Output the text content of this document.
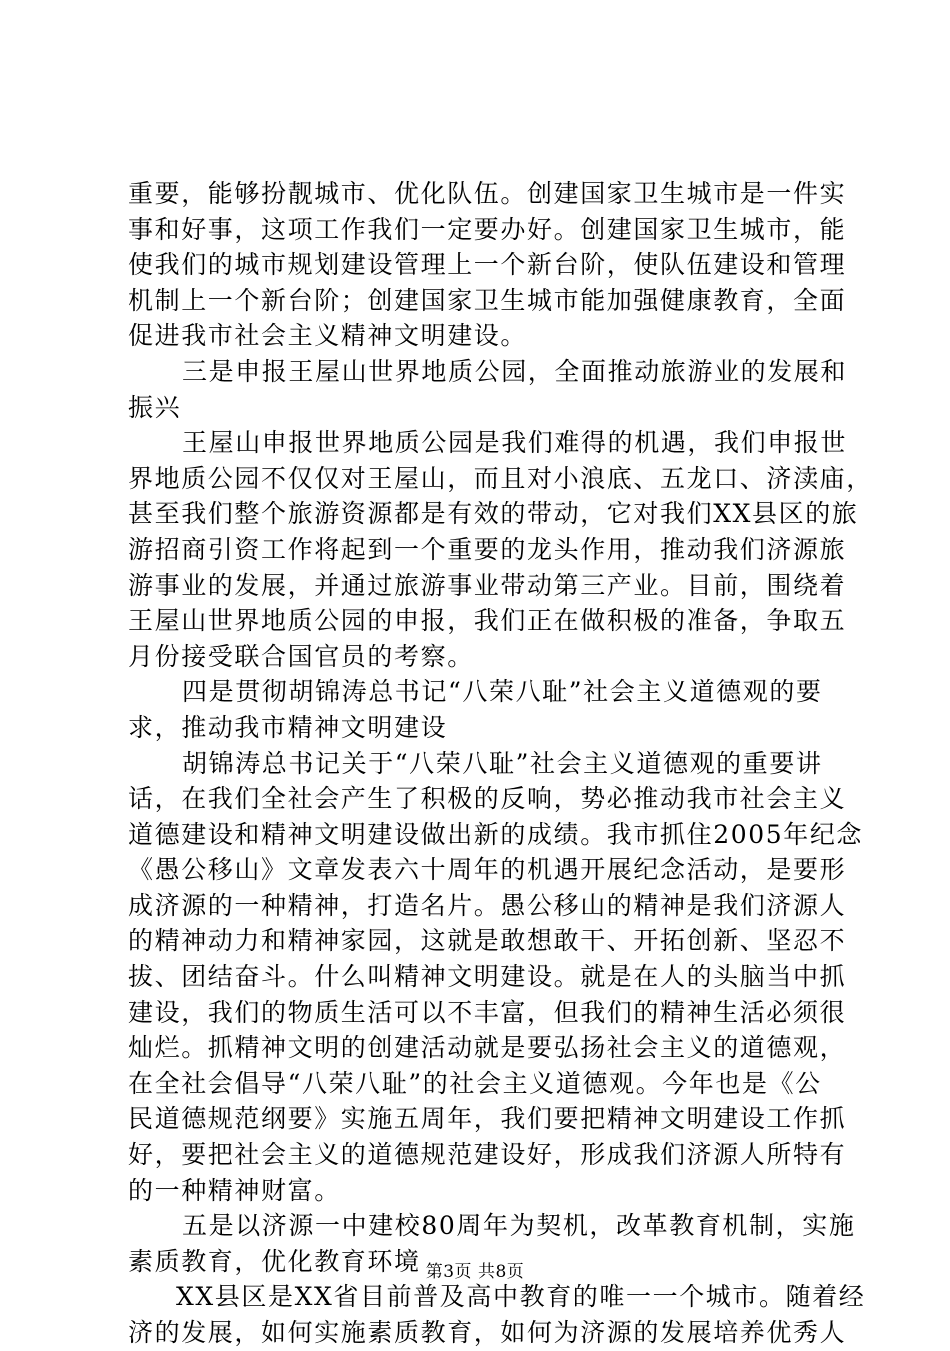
重要，能够扮靓城市、优化队伍。创建国家卫生城市是一件实
事和好事，这项工作我们一定要办好。创建国家卫生城市，能
使我们的城市规划建设管理上一个新台阶，使队伍建设和管理
机制上一个新台阶；创建国家卫生城市能加强健康教育，全面
促进我市社会主义精神文明建设。
三是申报王屋山世界地质公园，全面推动旅游业的发展和
振兴
王屋山申报世界地质公园是我们难得的机遇，我们申报世
界地质公园不仅仅对王屋山，而且对小浪底、五龙口、济渎庙，
甚至我们整个旅游资源都是有效的带动，它对我们XX县区的旅
游招商引资工作将起到一个重要的龙头作用，推动我们济源旅
游事业的发展，并通过旅游事业带动第三产业。目前，围绕着
王屋山世界地质公园的申报，我们正在做积极的准备，争取五
月份接受联合国官员的考察。
四是贯彻胡锦涛总书记“八荣八耻”社会主义道德观的要
求，推动我市精神文明建设
胡锦涛总书记关于“八荣八耻”社会主义道德观的重要讲
话，在我们全社会产生了积极的反响，势必推动我市社会主义
道德建设和精神文明建设做出新的成绩。我市抓住2005年纪念
《愚公移山》文章发表六十周年的机遇开展纪念活动，是要形
成济源的一种精神，打造名片。愚公移山的精神是我们济源人
的精神动力和精神家园，这就是敢想敢干、开拓创新、坚忍不
拔、团结奋斗。什么叫精神文明建设。就是在人的头脑当中抓
建设，我们的物质生活可以不丰富，但我们的精神生活必须很
灿烂。抓精神文明的创建活动就是要弘扬社会主义的道德观，
在全社会倡导“八荣八耻”的社会主义道德观。今年也是《公
民道德规范纲要》实施五周年，我们要把精神文明建设工作抓
好，要把社会主义的道德规范建设好，形成我们济源人所特有
的一种精神财富。
五是以济源一中建校80周年为契机，改革教育机制，实施
素质教育，优化教育环境
XX县区是XX省目前普及高中教育的唯一一个城市。随着经
济的发展，如何实施素质教育，如何为济源的发展培养优秀人
第3页 共8页
